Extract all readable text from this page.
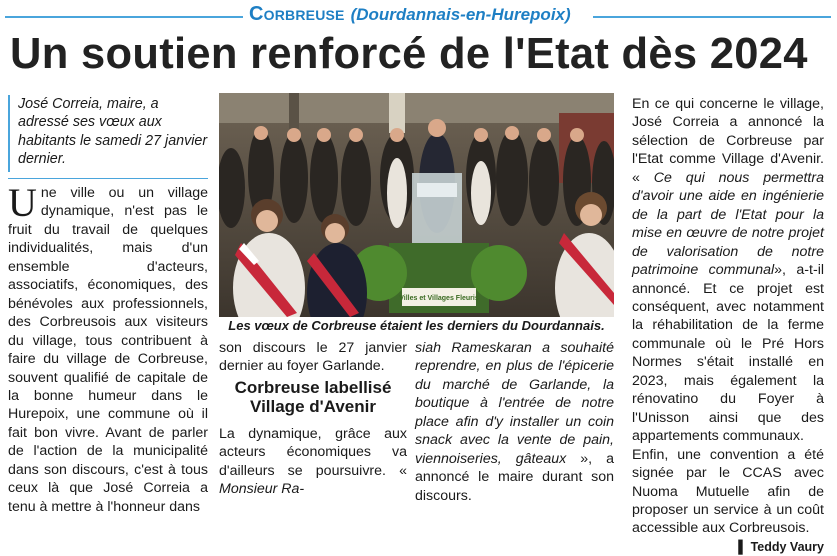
Corbreuse (Dourdannais-en-Hurepoix)
Un soutien renforcé de l'Etat dès 2024
José Correia, maire, a adressé ses vœux aux habitants le samedi 27 janvier dernier.
Une ville ou un village dynamique, n'est pas le fruit du travail de quelques individualités, mais d'un ensemble d'acteurs, associatifs, économiques, des bénévoles aux professionnels, des Corbreusois aux visiteurs du village, tous contribuent à faire du village de Corbreuse, souvent qualifié de capitale de la bonne humeur dans le Hurepoix, une commune où il fait bon vivre. Avant de parler de l'action de la municipalité dans son discours, c'est à tous ceux là que José Correia a tenu à mettre à l'honneur dans
Villes et Villages Fleuris
Les vœux de Corbreuse étaient les derniers du Dourdannais.
son discours le 27 janvier dernier au foyer Garlande.
Corbreuse labellisé Village d'Avenir
La dynamique, grâce aux acteurs économiques va d'ailleurs se poursuivre. « Monsieur Ra-
siah Rameskaran a souhaité reprendre, en plus de l'épicerie du marché de Garlande, la boutique à l'entrée de notre place afin d'y installer un coin snack avec la vente de pain, viennoiseries, gâteaux », a annoncé le maire durant son discours.

En ce qui concerne le village, José Correia a annoncé la sélection de Corbreuse par l'Etat comme Village d'Avenir. « Ce qui nous permettra d'avoir une aide en ingénierie de la part de l'Etat pour la mise en œuvre de notre projet de valorisation de notre patrimoine communal», a-t-il annoncé. Et ce projet est conséquent, avec notamment la réhabilitation de la ferme communale où le Pré Hors Normes s'était installé en 2023, mais également la rénovatino du Foyer à l'Unisson ainsi que des appartements communaux.

Enfin, une convention a été signée par le CCAS avec Nuoma Mutuelle afin de proposer un service à un coût accessible aux Corbreusois.

▌ Teddy Vaury
